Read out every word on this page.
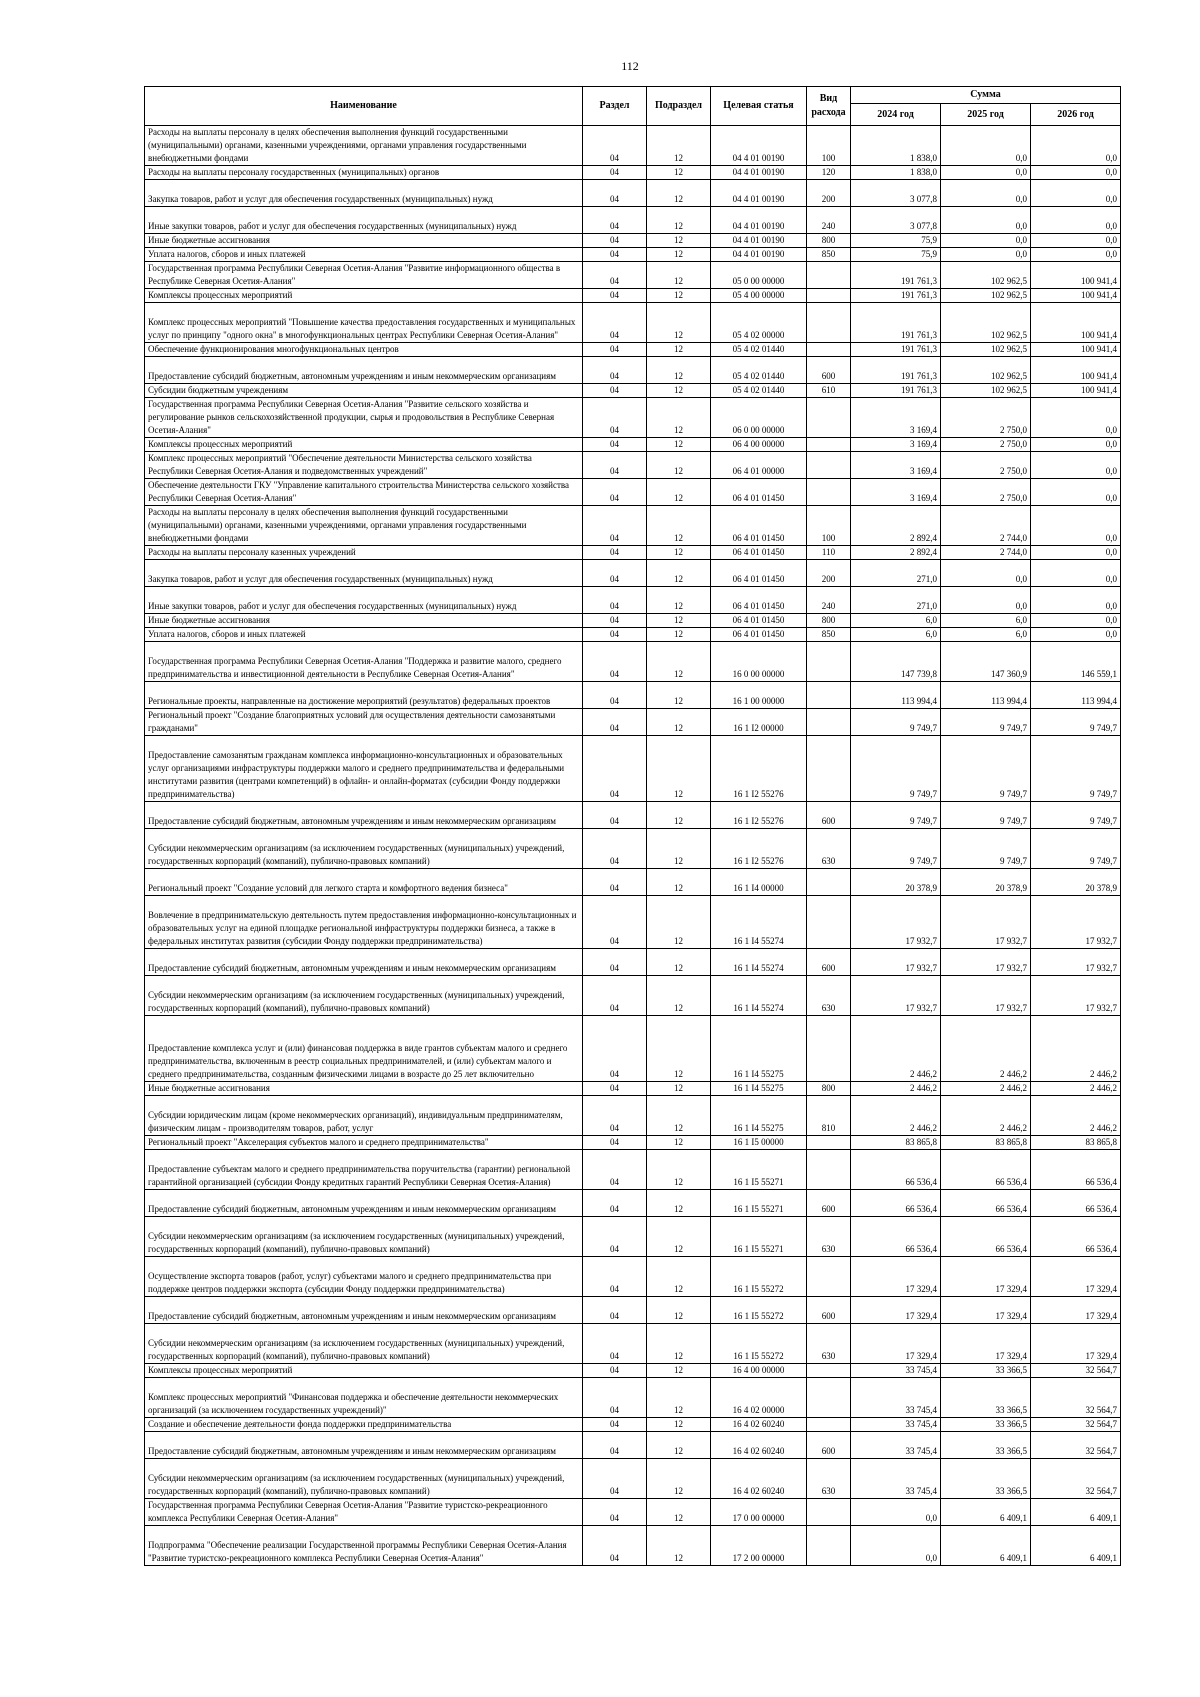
112
Наименование	Раздел	Подраздел	Целевая статья	Вид расхода	Сумма		
					2024 год	2025 год	2026 год
Расходы на выплаты персоналу в целях обеспечения выполнения функций государственными (муниципальными) органами, казенными учреждениями, органами управления государственными внебюджетными фондами	04	12	04 4 01 00190	100	1 838,0	0,0	0,0
Расходы на выплаты персоналу государственных (муниципальных) органов	04	12	04 4 01 00190	120	1 838,0	0,0	0,0
Закупка товаров, работ и услуг для обеспечения государственных (муниципальных) нужд	04	12	04 4 01 00190	200	3 077,8	0,0	0,0
Иные закупки товаров, работ и услуг для обеспечения государственных (муниципальных) нужд	04	12	04 4 01 00190	240	3 077,8	0,0	0,0
Иные бюджетные ассигнования	04	12	04 4 01 00190	800	75,9	0,0	0,0
Уплата налогов, сборов и иных платежей	04	12	04 4 01 00190	850	75,9	0,0	0,0
Государственная программа Республики Северная Осетия-Алания "Развитие информационного общества в Республике Северная Осетия-Алания"	04	12	05 0 00 00000		191 761,3	102 962,5	100 941,4
Комплексы процессных мероприятий	04	12	05 4 00 00000		191 761,3	102 962,5	100 941,4
Комплекс процессных мероприятий "Повышение качества предоставления государственных и муниципальных услуг по принципу "одного окна" в многофункциональных центрах Республики Северная Осетия-Алания"	04	12	05 4 02 00000		191 761,3	102 962,5	100 941,4
Обеспечение функционирования многофункциональных центров	04	12	05 4 02 01440		191 761,3	102 962,5	100 941,4
Предоставление субсидий бюджетным, автономным учреждениям и иным некоммерческим организациям	04	12	05 4 02 01440	600	191 761,3	102 962,5	100 941,4
Субсидии бюджетным учреждениям	04	12	05 4 02 01440	610	191 761,3	102 962,5	100 941,4
Государственная программа Республики Северная Осетия-Алания "Развитие сельского хозяйства и регулирование рынков сельскохозяйственной продукции, сырья и продовольствия в Республике Северная Осетия-Алания"	04	12	06 0 00 00000		3 169,4	2 750,0	0,0
Комплексы процессных мероприятий	04	12	06 4 00 00000		3 169,4	2 750,0	0,0
Комплекс процессных мероприятий "Обеспечение деятельности Министерства сельского хозяйства Республики Северная Осетия-Алания и подведомственных учреждений"	04	12	06 4 01 00000		3 169,4	2 750,0	0,0
Обеспечение деятельности ГКУ "Управление капитального строительства Министерства сельского хозяйства Республики Северная Осетия-Алания"	04	12	06 4 01 01450		3 169,4	2 750,0	0,0
Расходы на выплаты персоналу в целях обеспечения выполнения функций государственными (муниципальными) органами, казенными учреждениями, органами управления государственными внебюджетными фондами	04	12	06 4 01 01450	100	2 892,4	2 744,0	0,0
Расходы на выплаты персоналу казенных учреждений	04	12	06 4 01 01450	110	2 892,4	2 744,0	0,0
Закупка товаров, работ и услуг для обеспечения государственных (муниципальных) нужд	04	12	06 4 01 01450	200	271,0	0,0	0,0
Иные закупки товаров, работ и услуг для обеспечения государственных (муниципальных) нужд	04	12	06 4 01 01450	240	271,0	0,0	0,0
Иные бюджетные ассигнования	04	12	06 4 01 01450	800	6,0	6,0	0,0
Уплата налогов, сборов и иных платежей	04	12	06 4 01 01450	850	6,0	6,0	0,0
Государственная программа Республики Северная Осетия-Алания "Поддержка и развитие малого, среднего предпринимательства и инвестиционной деятельности в Республике Северная Осетия-Алания"	04	12	16 0 00 00000		147 739,8	147 360,9	146 559,1
Региональные проекты, направленные на достижение мероприятий (результатов) федеральных проектов	04	12	16 1 00 00000		113 994,4	113 994,4	113 994,4
Региональный проект "Создание благоприятных условий для осуществления деятельности самозанятыми гражданами"	04	12	16 1 I2 00000		9 749,7	9 749,7	9 749,7
Предоставление самозанятым гражданам комплекса информационно-консультационных и образовательных услуг организациями инфраструктуры поддержки малого и среднего предпринимательства и федеральными институтами развития (центрами компетенций) в офлайн- и онлайн-форматах (субсидии Фонду поддержки предпринимательства)	04	12	16 1 I2 55276		9 749,7	9 749,7	9 749,7
Предоставление субсидий бюджетным, автономным учреждениям и иным некоммерческим организациям	04	12	16 1 I2 55276	600	9 749,7	9 749,7	9 749,7
Субсидии некоммерческим организациям (за исключением государственных (муниципальных) учреждений, государственных корпораций (компаний), публично-правовых компаний)	04	12	16 1 I2 55276	630	9 749,7	9 749,7	9 749,7
Региональный проект "Создание условий для легкого старта и комфортного ведения бизнеса"	04	12	16 1 I4 00000		20 378,9	20 378,9	20 378,9
Вовлечение в предпринимательскую деятельность путем предоставления информационно-консультационных и образовательных услуг на единой площадке региональной инфраструктуры поддержки бизнеса, а также в федеральных институтах развития (субсидии Фонду поддержки предпринимательства)	04	12	16 1 I4 55274		17 932,7	17 932,7	17 932,7
Предоставление субсидий бюджетным, автономным учреждениям и иным некоммерческим организациям	04	12	16 1 I4 55274	600	17 932,7	17 932,7	17 932,7
Субсидии некоммерческим организациям (за исключением государственных (муниципальных) учреждений, государственных корпораций (компаний), публично-правовых компаний)	04	12	16 1 I4 55274	630	17 932,7	17 932,7	17 932,7
Предоставление комплекса услуг и (или) финансовая поддержка в виде грантов субъектам малого и среднего предпринимательства, включенным в реестр социальных предпринимателей, и (или) субъектам малого и среднего предпринимательства, созданным физическими лицами в возрасте до 25 лет включительно	04	12	16 1 I4 55275		2 446,2	2 446,2	2 446,2
Иные бюджетные ассигнования	04	12	16 1 I4 55275	800	2 446,2	2 446,2	2 446,2
Субсидии юридическим лицам (кроме некоммерческих организаций), индивидуальным предпринимателям, физическим лицам - производителям товаров, работ, услуг	04	12	16 1 I4 55275	810	2 446,2	2 446,2	2 446,2
Региональный проект "Акселерация субъектов малого и среднего предпринимательства"	04	12	16 1 I5 00000		83 865,8	83 865,8	83 865,8
Предоставление субъектам малого и среднего предпринимательства поручительства (гарантии) региональной гарантийной организацией (субсидии Фонду кредитных гарантий Республики Северная Осетия-Алания)	04	12	16 1 I5 55271		66 536,4	66 536,4	66 536,4
Предоставление субсидий бюджетным, автономным учреждениям и иным некоммерческим организациям	04	12	16 1 I5 55271	600	66 536,4	66 536,4	66 536,4
Субсидии некоммерческим организациям (за исключением государственных (муниципальных) учреждений, государственных корпораций (компаний), публично-правовых компаний)	04	12	16 1 I5 55271	630	66 536,4	66 536,4	66 536,4
Осуществление экспорта товаров (работ, услуг) субъектами малого и среднего предпринимательства при поддержке центров поддержки экспорта (субсидии Фонду поддержки предпринимательства)	04	12	16 1 I5 55272		17 329,4	17 329,4	17 329,4
Предоставление субсидий бюджетным, автономным учреждениям и иным некоммерческим организациям	04	12	16 1 I5 55272	600	17 329,4	17 329,4	17 329,4
Субсидии некоммерческим организациям (за исключением государственных (муниципальных) учреждений, государственных корпораций (компаний), публично-правовых компаний)	04	12	16 1 I5 55272	630	17 329,4	17 329,4	17 329,4
Комплексы процессных мероприятий	04	12	16 4 00 00000		33 745,4	33 366,5	32 564,7
Комплекс процессных мероприятий "Финансовая поддержка и обеспечение деятельности некоммерческих организаций (за исключением государственных учреждений)"	04	12	16 4 02 00000		33 745,4	33 366,5	32 564,7
Создание и обеспечение деятельности фонда поддержки предпринимательства	04	12	16 4 02 60240		33 745,4	33 366,5	32 564,7
Предоставление субсидий бюджетным, автономным учреждениям и иным некоммерческим организациям	04	12	16 4 02 60240	600	33 745,4	33 366,5	32 564,7
Субсидии некоммерческим организациям (за исключением государственных (муниципальных) учреждений, государственных корпораций (компаний), публично-правовых компаний)	04	12	16 4 02 60240	630	33 745,4	33 366,5	32 564,7
Государственная программа Республики Северная Осетия-Алания "Развитие туристско-рекреационного комплекса Республики Северная Осетия-Алания"	04	12	17 0 00 00000		0,0	6 409,1	6 409,1
Подпрограмма "Обеспечение реализации Государственной программы Республики Северная Осетия-Алания "Развитие туристско-рекреационного комплекса Республики Северная Осетия-Алания"	04	12	17 2 00 00000		0,0	6 409,1	6 409,1
